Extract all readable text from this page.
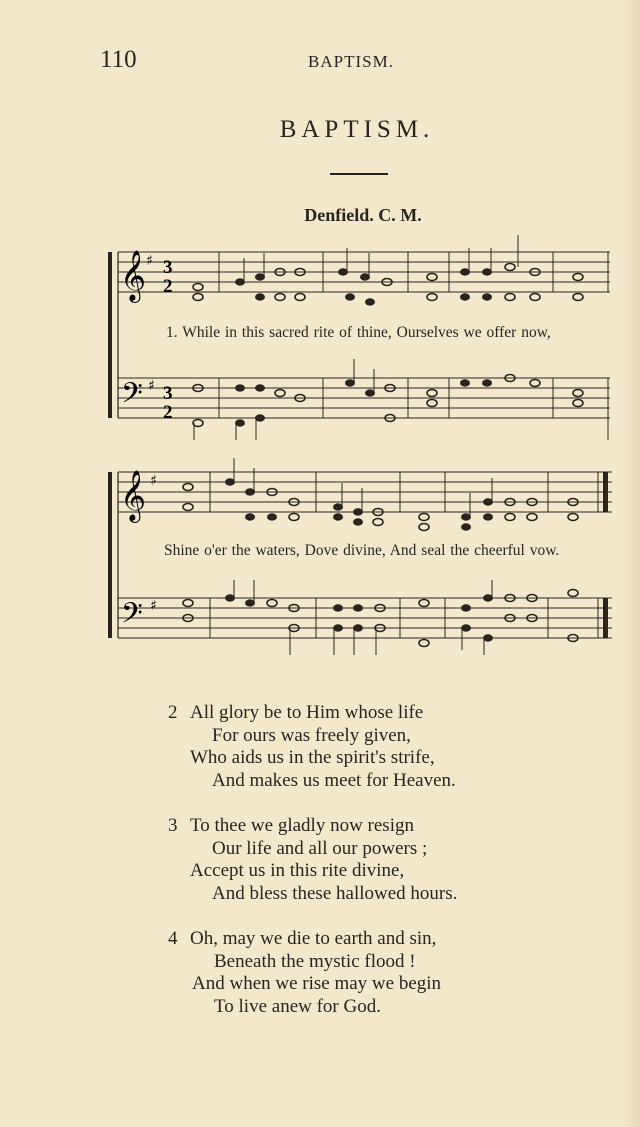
110	BAPTISM.
BAPTISM.
Denfield. C. M.
𝄞 ♯ 3
2
𝄢 ♯ 3
2
𝄞 ♯
𝄢 ♯
1. While in this sacred rite of thine, Ourselves we offer now,
Shine o'er the waters, Dove divine, And seal the cheerful vow.
2 All glory be to Him whose life
For ours was freely given,
Who aids us in the spirit's strife,
And makes us meet for Heaven.
3 To thee we gladly now resign
Our life and all our powers ;
Accept us in this rite divine,
And bless these hallowed hours.
4 Oh, may we die to earth and sin,
Beneath the mystic flood !
And when we rise may we begin
To live anew for God.
